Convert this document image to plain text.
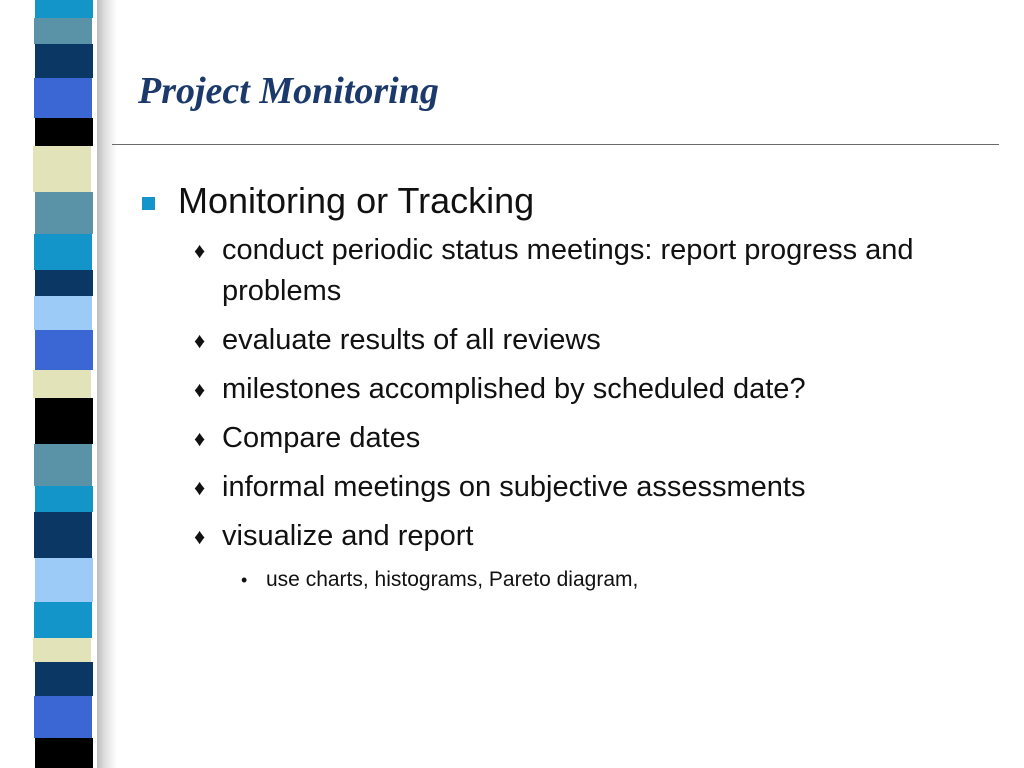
Project Monitoring
Monitoring or Tracking
♦ conduct periodic status meetings: report progress and problems
♦ evaluate results of all reviews
♦ milestones accomplished by scheduled date?
♦ Compare dates
♦ informal meetings on subjective assessments
♦ visualize and report
• use charts, histograms, Pareto diagram,
